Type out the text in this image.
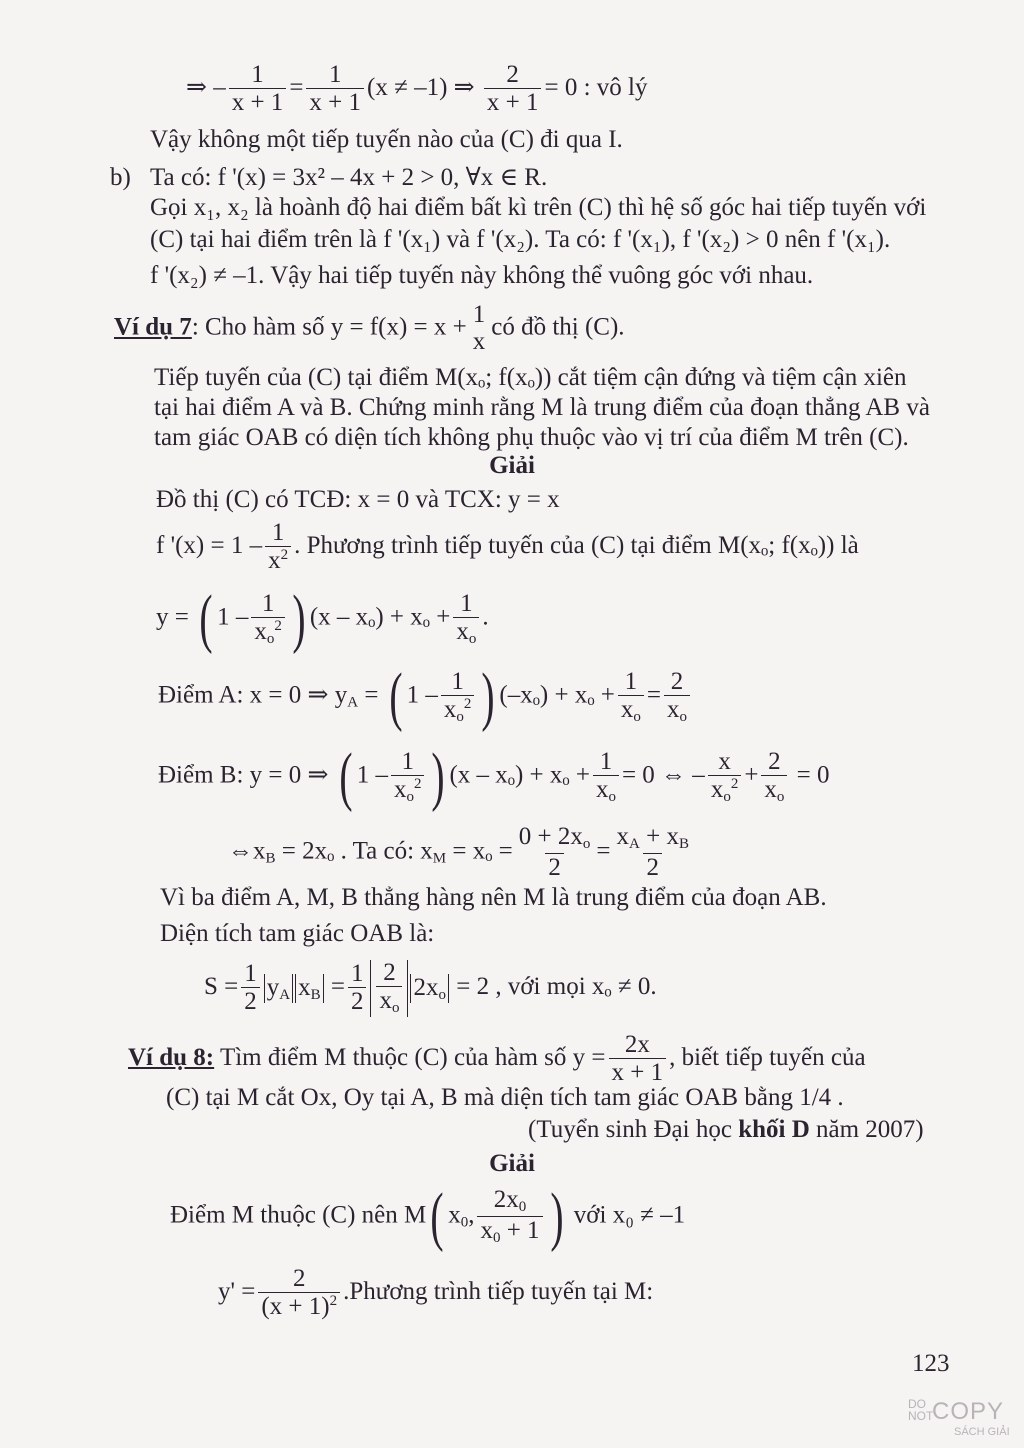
⇒ – $\frac{1}{x + 1} = \frac{1}{x + 1} (x \ne -1)$ ⇒ $\frac{2}{x + 1} = 0$ : vô lý
Vậy không một tiếp tuyến nào của (C) đi qua I.
b) Ta có: f '(x) = 3x² – 4x + 2 > 0, ∀x ∈ R.
Gọi x₁, x₂ là hoành độ hai điểm bất kì trên (C) thì hệ số góc hai tiếp tuyến với
(C) tại hai điểm trên là f '(x₁) và f '(x₂). Ta có: f '(x₁), f '(x₂) > 0 nên f '(x₁).
f '(x₂) ≠ –1. Vậy hai tiếp tuyến này không thể vuông góc với nhau.
Ví dụ 7: Cho hàm số y = f(x) = x + 1
x
có đồ thị (C).
Tiếp tuyến của (C) tại điểm M(xₒ; f(xₒ)) cắt tiệm cận đứng và tiệm cận xiên
tại hai điểm A và B. Chứng minh rằng M là trung điểm của đoạn thẳng AB và
tam giác OAB có diện tích không phụ thuộc vào vị trí của điểm M trên (C).
Giải
Đồ thị (C) có TCĐ: x = 0 và TCX: y = x
f '$(x) = 1 - \frac{1}{x^2}$ . Phương trình tiếp tuyến của (C) tại điểm M(xₒ; f(xₒ)) là
y = ( $1 - \frac{1}{x_o^2}$ ) $(x - x_o) + x_o + \frac{1}{x_o}$ .
Điểm A: x = 0 ⇒ $y_A$ = ( $1 - \frac{1}{x_o^2}$ ) $(-x_o) + x_o + \frac{1}{x_o} = \frac{2}{x_o}$
Điểm B: y = 0 ⇒ ( $1 - \frac{1}{x_o^2}$ ) $(x - x_o) + x_o + \frac{1}{x_o} = 0$ ⇔ – $\frac{x}{x_o^2} + \frac{2}{x_o} = 0$
$\Leftrightarrow x_B = 2x_o$ . Ta có: $x_M = x_o = \frac{0 + 2x_o}{2} = \frac{x_A + x_B}{2}$
Vì ba điểm A, M, B thẳng hàng nên M là trung điểm của đoạn AB.
Diện tích tam giác OAB là:
$S = \frac{1}{2} y_A$ $x_B = \frac{1}{2} \frac{2}{x_o} 2x_o = 2$ , với mọi xₒ ≠ 0.
Ví dụ 8: Tìm điểm M thuộc (C) của hàm số $y = \frac{2x}{x + 1}$ , biết tiếp tuyến của
(C) tại M cắt Ox, Oy tại A, B mà diện tích tam giác OAB bằng 1/4 .
(Tuyển sinh Đại học khối D năm 2007)
Giải
Điểm M thuộc (C) nên M( $x_0$, $\frac{2x_0}{x_0 + 1}$ ) với x₀ ≠ –1
$y' = \frac{2}{(x + 1)^2}$ .Phương trình tiếp tuyến tại M:
123
DO
NOT
COPY
SÁCH GIẢI
